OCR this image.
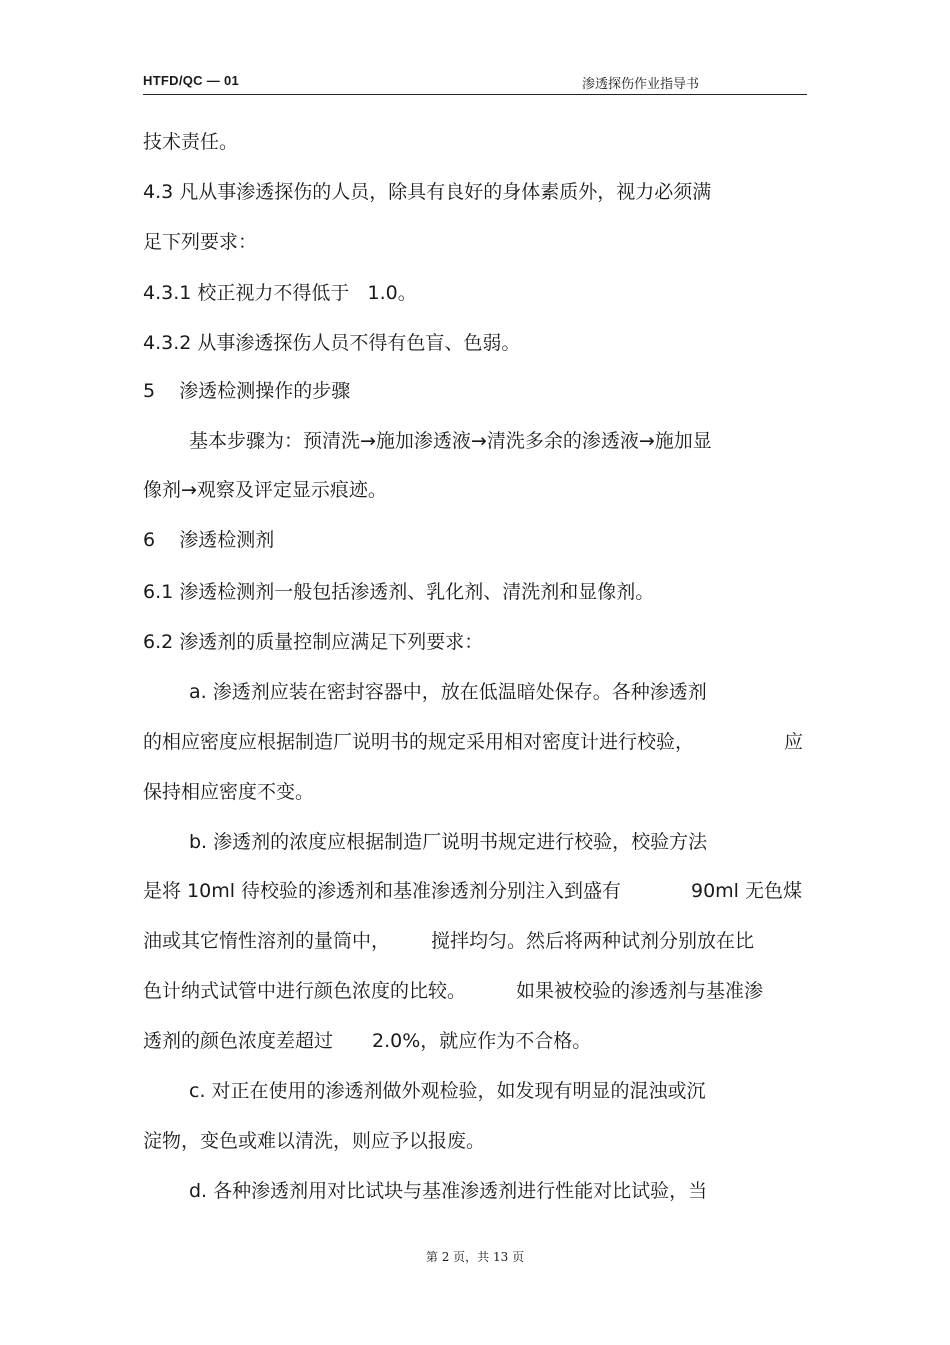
HTFD/QC — 01	渗透探伤作业指导书
技术责任。
4.3 凡从事渗透探伤的人员，除具有良好的身体素质外，视力必须满
足下列要求：
4.3.1 校正视力不得低于   1.0。
4.3.2 从事渗透探伤人员不得有色盲、色弱。
5    渗透检测操作的步骤
基本步骤为：预清洗→施加渗透液→清洗多余的渗透液→施加显
像剂→观察及评定显示痕迹。
6    渗透检测剂
6.1 渗透检测剂一般包括渗透剂、乳化剂、清洗剂和显像剂。
6.2 渗透剂的质量控制应满足下列要求：
a. 渗透剂应装在密封容器中，放在低温暗处保存。各种渗透剂
的相应密度应根据制造厂说明书的规定采用相对密度计进行校验，	应
保持相应密度不变。
b. 渗透剂的浓度应根据制造厂说明书规定进行校验，校验方法
是将 10ml 待校验的渗透剂和基准渗透剂分别注入到盛有	90ml 无色煤
油或其它惰性溶剂的量筒中， 搅拌均匀。然后将两种试剂分别放在比
色计纳式试管中进行颜色浓度的比较。	如果被校验的渗透剂与基准渗
透剂的颜色浓度差超过 2.0%，就应作为不合格。
c. 对正在使用的渗透剂做外观检验，如发现有明显的混浊或沉
淀物，变色或难以清洗，则应予以报废。
d. 各种渗透剂用对比试块与基准渗透剂进行性能对比试验，当
第 2 页，共 13 页
